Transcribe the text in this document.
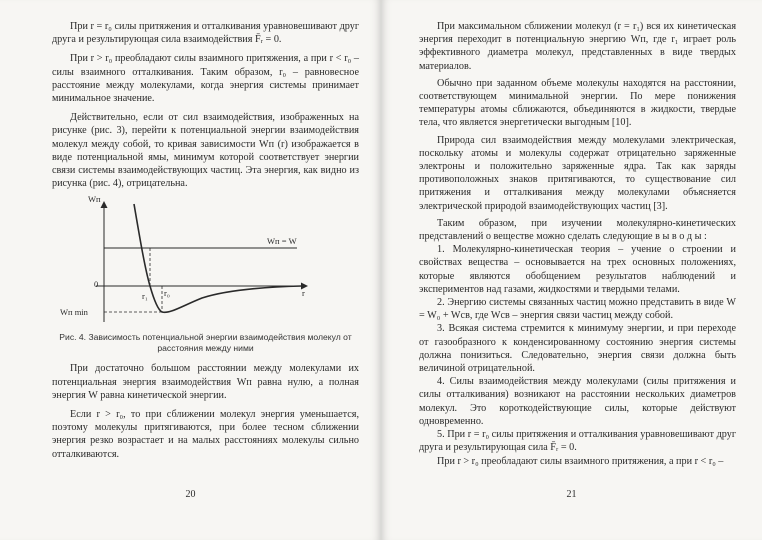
При r = r₀ силы притяжения и отталкивания уравновешивают друг друга и результирующая сила взаимодействия F̄ᵣ = 0.

При r > r₀ преобладают силы взаимного притяжения, а при r < r₀ – силы взаимного отталкивания. Таким образом, r₀ – равновесное расстояние между молекулами, когда энергия системы принимает минимальное значение.

Действительно, если от сил взаимодействия, изображенных на рисунке (рис. 3), перейти к потенциальной энергии взаимодействия молекул между собой, то кривая зависимости Wп (r) изображается в виде потенциальной ямы, минимум которой соответствует энергии связи системы взаимодействующих частиц. Эта энергия, как видно из рисунка (рис. 4), отрицательна.

Wп
r
0
r₁ r₀
Wп = W
Wп min
Рис. 4. Зависимость потенциальной энергии взаимодействия молекул от расстояния между ними

При достаточно большом расстоянии между молекулами их потенциальная энергия взаимодействия Wп равна нулю, а полная энергия W равна кинетической энергии.

Если r > r₀, то при сближении молекул энергия уменьшается, поэтому молекулы притягиваются, при более тесном сближении энергия резко возрастает и на малых расстояниях молекулы сильно отталкиваются.

20

При максимальном сближении молекул (r = r₁) вся их кинетическая энергия переходит в потенциальную энергию Wп, где r₁ играет роль эффективного диаметра молекул, представленных в виде твердых материалов.

Обычно при заданном объеме молекулы находятся на расстоянии, соответствующем минимальной энергии. По мере понижения температуры атомы сближаются, объединяются в жидкости, твердые тела, что является энергетически выгодным [10].

Природа сил взаимодействия между молекулами электрическая, поскольку атомы и молекулы содержат отрицательно заряженные электроны и положительно заряженные ядра. Так как заряды противоположных знаков притягиваются, то существование сил притяжения и отталкивания между молекулами объясняется электрической природой взаимодействующих частиц [3].

Таким образом, при изучении молекулярно-кинетических представлений о веществе можно сделать следующие в ы в о д ы :

1. Молекулярно-кинетическая теория – учение о строении и свойствах вещества – основывается на трех основных положениях, которые являются обобщением результатов наблюдений и экспериментов над газами, жидкостями и твердыми телами.

2. Энергию системы связанных частиц можно представить в виде W = W₀ + Wсв, где Wсв – энергия связи частиц между собой.

3. Всякая система стремится к минимуму энергии, и при переходе от газообразного к конденсированному состоянию энергия системы должна понизиться. Следовательно, энергия связи должна быть величиной отрицательной.

4. Силы взаимодействия между молекулами (силы притяжения и силы отталкивания) возникают на расстоянии нескольких диаметров молекул. Это короткодействующие силы, которые действуют одновременно.

5. При r = r₀ силы притяжения и отталкивания уравновешивают друг друга и результирующая сила F̄ᵣ = 0.

При r > r₀ преобладают силы взаимного притяжения, а при r < r₀ –

21
